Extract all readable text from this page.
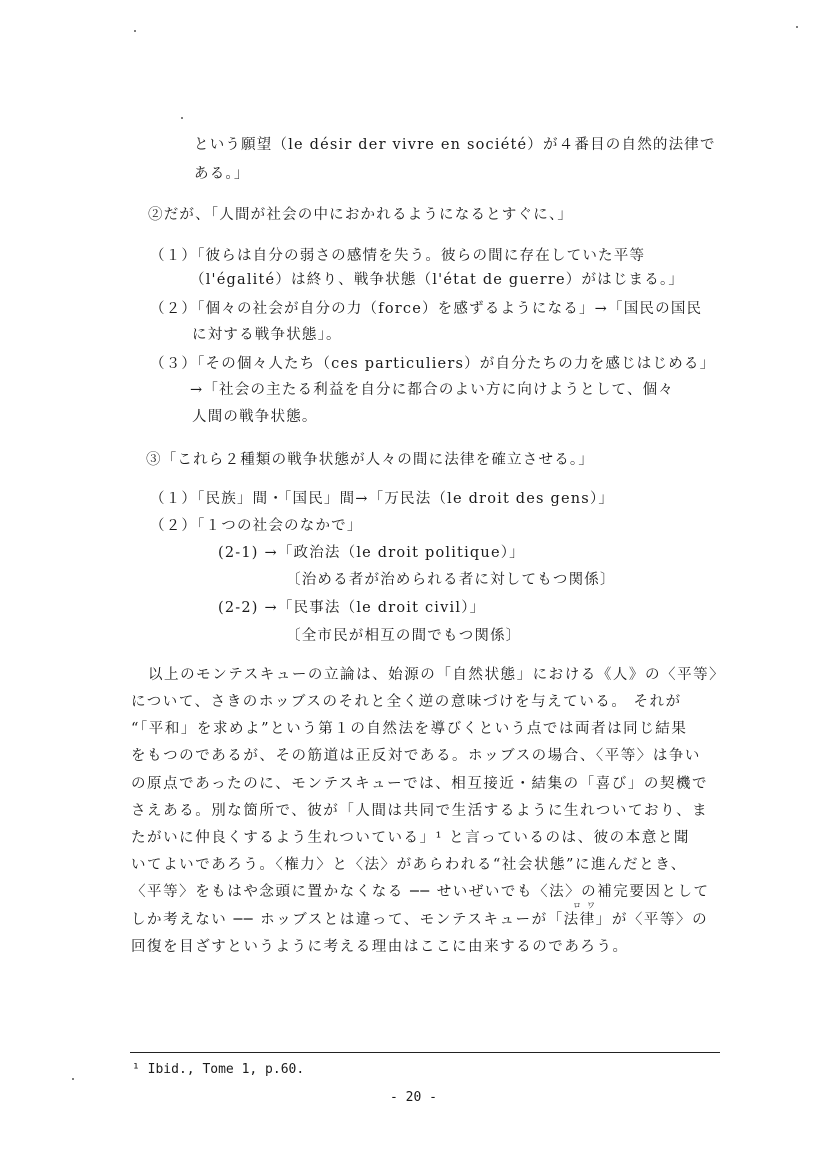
という願望（le désir der vivre en société）が４番目の自然的法律で
ある。」
②だが、「人間が社会の中におかれるようになるとすぐに、」
（１）「彼らは自分の弱さの感情を失う。彼らの間に存在していた平等
（l'égalité）は終り、戦争状態（l'état de guerre）がはじまる。」
（２）「個々の社会が自分の力（force）を感ずるようになる」→「国民の国民
に対する戦争状態」。
（３）「その個々人たち（ces particuliers）が自分たちの力を感じはじめる」
→「社会の主たる利益を自分に都合のよい方に向けようとして、個々
人間の戦争状態。
③「これら２種類の戦争状態が人々の間に法律を確立させる。」
（１）「民族」間・「国民」間→「万民法（le droit des gens）」
（２）「１つの社会のなかで」
(2-1) →「政治法（le droit politique）」
〔治める者が治められる者に対してもつ関係〕
(2-2) →「民事法（le droit civil）」
〔全市民が相互の間でもつ関係〕
以上のモンテスキューの立論は、始源の「自然状態」における《人》の〈平等〉
について、さきのホッブスのそれと全く逆の意味づけを与えている。 それが
“「平和」を求めよ”という第１の自然法を導びくという点では両者は同じ結果
をもつのであるが、その筋道は正反対である。ホッブスの場合、〈平等〉は争い
の原点であったのに、モンテスキューでは、相互接近・結集の「喜び」の契機で
さえある。別な箇所で、彼が「人間は共同で生活するように生れついており、ま
たがいに仲良くするよう生れついている」¹ と言っているのは、彼の本意と聞
いてよいであろう。〈権力〉と〈法〉があらわれる“社会状態”に進んだとき、
〈平等〉をもはや念頭に置かなくなる ── せいぜいでも〈法〉の補完要因として
ロワ
しか考えない ── ホッブスとは違って、モンテスキューが「法律」が〈平等〉の
回復を目ざすというように考える理由はここに由来するのであろう。
¹ Ibid., Tome 1, p.60.
- 20 -
